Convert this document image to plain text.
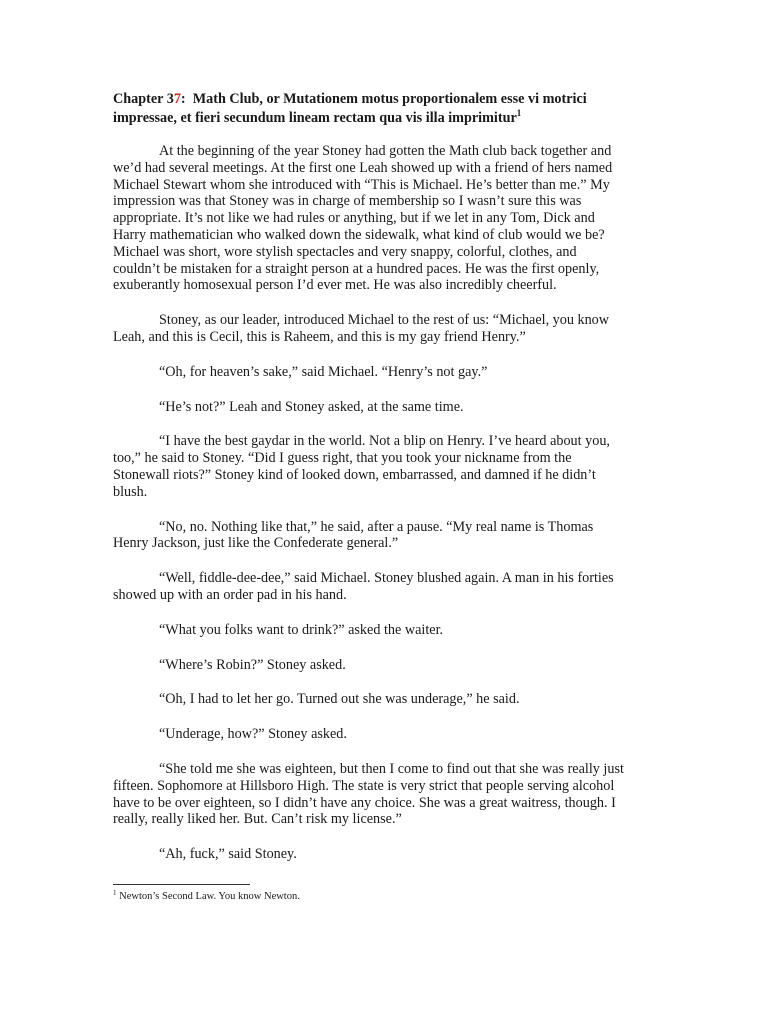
Chapter 37:  Math Club, or Mutationem motus proportionalem esse vi motrici
impressae, et fieri secundum lineam rectam qua vis illa imprimitur$^1$

At the beginning of the year Stoney had gotten the Math club back together and
we’d had several meetings. At the first one Leah showed up with a friend of hers named
Michael Stewart whom she introduced with “This is Michael. He’s better than me.” My
impression was that Stoney was in charge of membership so I wasn’t sure this was
appropriate. It’s not like we had rules or anything, but if we let in any Tom, Dick and
Harry mathematician who walked down the sidewalk, what kind of club would we be?
Michael was short, wore stylish spectacles and very snappy, colorful, clothes, and
couldn’t be mistaken for a straight person at a hundred paces. He was the first openly,
exuberantly homosexual person I’d ever met. He was also incredibly cheerful.

Stoney, as our leader, introduced Michael to the rest of us: “Michael, you know
Leah, and this is Cecil, this is Raheem, and this is my gay friend Henry.”

“Oh, for heaven’s sake,” said Michael. “Henry’s not gay.”

“He’s not?” Leah and Stoney asked, at the same time.

“I have the best gaydar in the world. Not a blip on Henry. I’ve heard about you,
too,” he said to Stoney. “Did I guess right, that you took your nickname from the
Stonewall riots?” Stoney kind of looked down, embarrassed, and damned if he didn’t
blush.

“No, no. Nothing like that,” he said, after a pause. “My real name is Thomas
Henry Jackson, just like the Confederate general.”

“Well, fiddle-dee-dee,” said Michael. Stoney blushed again. A man in his forties
showed up with an order pad in his hand.

“What you folks want to drink?” asked the waiter.

“Where’s Robin?” Stoney asked.

“Oh, I had to let her go. Turned out she was underage,” he said.

“Underage, how?” Stoney asked.

“She told me she was eighteen, but then I come to find out that she was really just
fifteen. Sophomore at Hillsboro High. The state is very strict that people serving alcohol
have to be over eighteen, so I didn’t have any choice. She was a great waitress, though. I
really, really liked her. But. Can’t risk my license.”

“Ah, fuck,” said Stoney.

$^1$ Newton’s Second Law. You know Newton.
